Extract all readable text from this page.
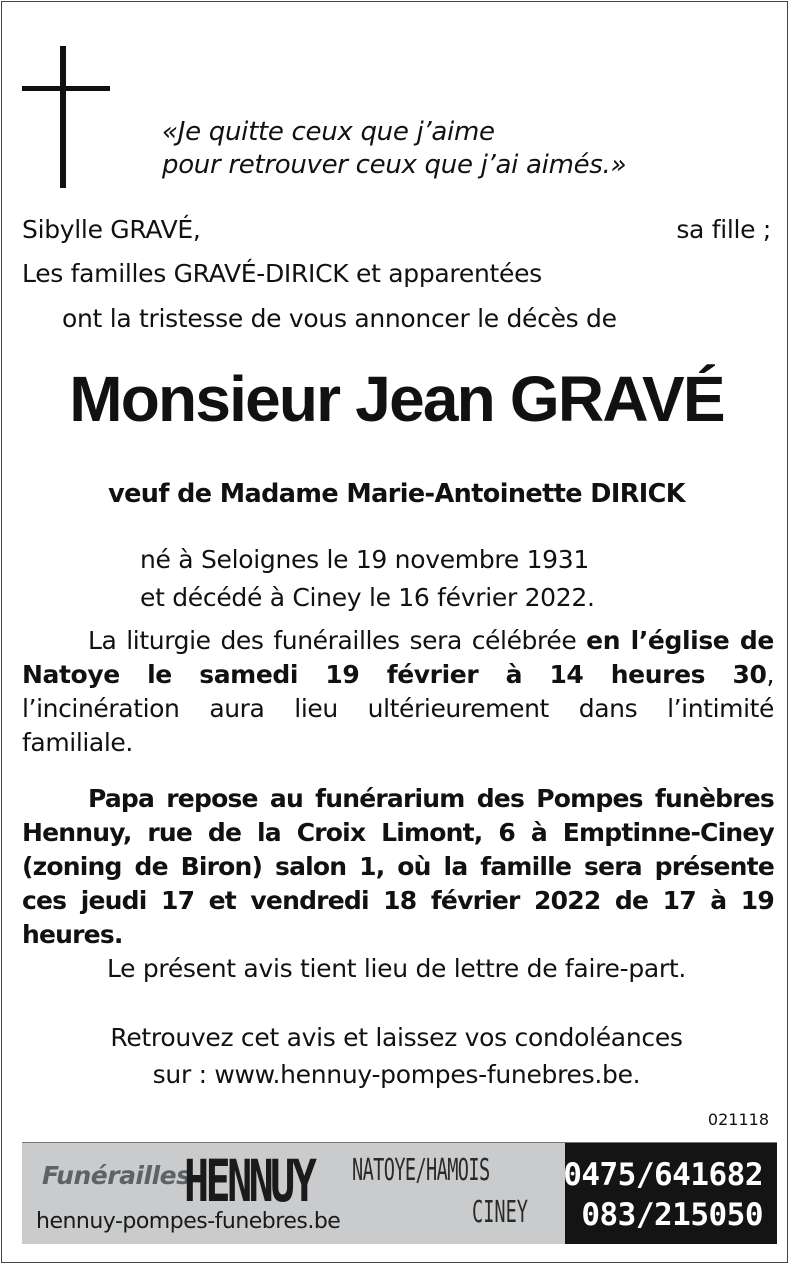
«Je quitte ceux que j’aime
pour retrouver ceux que j’ai aimés.»
Sibylle GRAVÉ,	sa fille ;
Les familles GRAVÉ-DIRICK et apparentées
ont la tristesse de vous annoncer le décès de
Monsieur Jean GRAVÉ
veuf de Madame Marie-Antoinette DIRICK
né à Seloignes le 19 novembre 1931
et décédé à Ciney le 16 février 2022.
La liturgie des funérailles sera célébrée en l’église de Natoye le samedi 19 février à 14 heures 30, l’incinération aura lieu ultérieurement dans l’intimité familiale.
Papa repose au funérarium des Pompes funèbres Hennuy, rue de la Croix Limont, 6 à Emptinne-Ciney (zoning de Biron) salon 1, où la famille sera présente ces jeudi 17 et vendredi 18 février 2022 de 17 à 19 heures.
Le présent avis tient lieu de lettre de faire-part.
Retrouvez cet avis et laissez vos condoléances
sur : www.hennuy-pompes-funebres.be.
021118
Funérailles
HENNUY NATOYE/HAMOIS
CINEY
hennuy-pompes-funebres.be
0475/641682
083/215050
